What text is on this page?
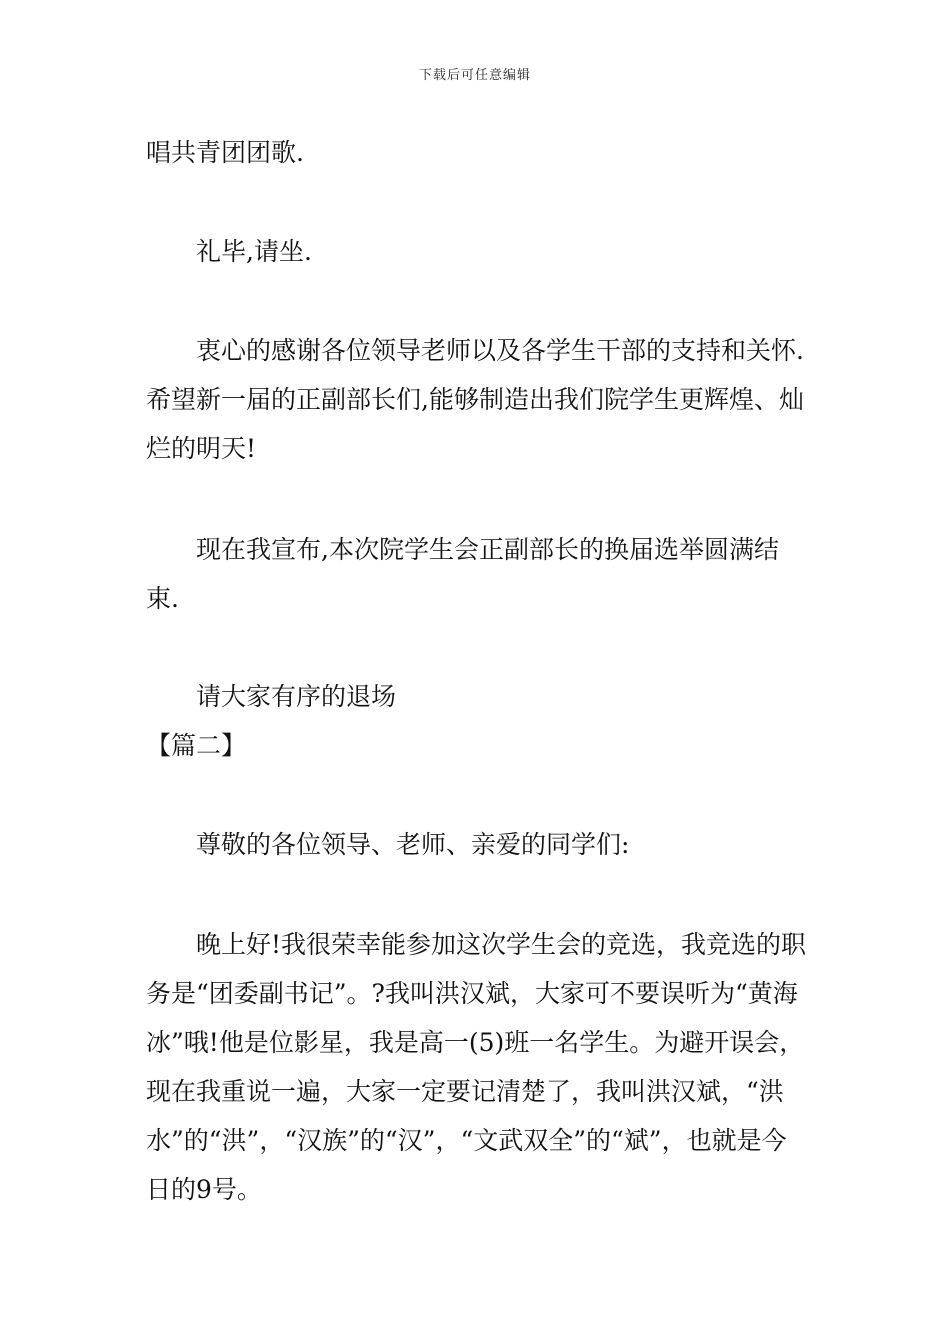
下载后可任意编辑
唱共青团团歌.
礼毕,请坐.
衷心的感谢各位领导老师以及各学生干部的支持和关怀.希望新一届的正副部长们,能够制造出我们院学生更辉煌、灿烂的明天!
现在我宣布,本次院学生会正副部长的换届选举圆满结束.
请大家有序的退场
【篇二】
尊敬的各位领导、老师、亲爱的同学们:
晚上好!我很荣幸能参加这次学生会的竞选，我竞选的职务是“团委副书记”。?我叫洪汉斌，大家可不要误听为“黄海冰”哦!他是位影星，我是高一(5)班一名学生。为避开误会，现在我重说一遍，大家一定要记清楚了，我叫洪汉斌，“洪水”的“洪”，“汉族”的“汉”，“文武双全”的“斌”，也就是今日的9号。
